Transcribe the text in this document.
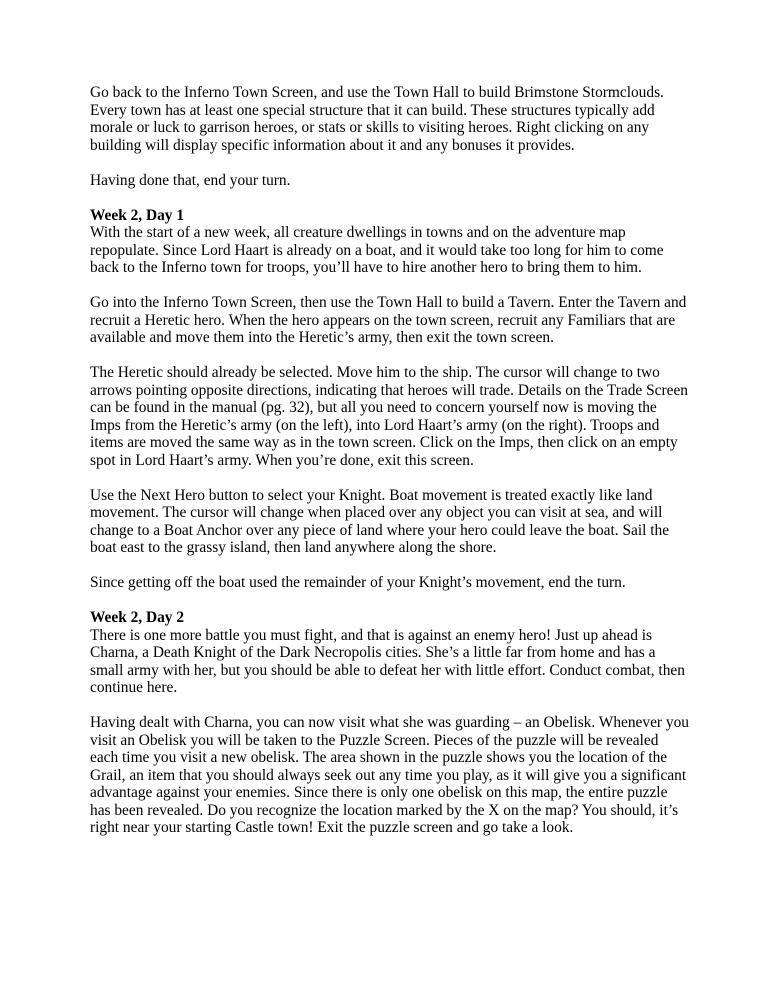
Go back to the Inferno Town Screen, and use the Town Hall to build Brimstone Stormclouds. Every town has at least one special structure that it can build. These structures typically add morale or luck to garrison heroes, or stats or skills to visiting heroes. Right clicking on any building will display specific information about it and any bonuses it provides.

Having done that, end your turn.

Week 2, Day 1

With the start of a new week, all creature dwellings in towns and on the adventure map repopulate. Since Lord Haart is already on a boat, and it would take too long for him to come back to the Inferno town for troops, you’ll have to hire another hero to bring them to him.

Go into the Inferno Town Screen, then use the Town Hall to build a Tavern. Enter the Tavern and recruit a Heretic hero. When the hero appears on the town screen, recruit any Familiars that are available and move them into the Heretic’s army, then exit the town screen.

The Heretic should already be selected. Move him to the ship. The cursor will change to two arrows pointing opposite directions, indicating that heroes will trade. Details on the Trade Screen can be found in the manual (pg. 32), but all you need to concern yourself now is moving the Imps from the Heretic’s army (on the left), into Lord Haart’s army (on the right). Troops and items are moved the same way as in the town screen. Click on the Imps, then click on an empty spot in Lord Haart’s army. When you’re done, exit this screen.

Use the Next Hero button to select your Knight. Boat movement is treated exactly like land movement. The cursor will change when placed over any object you can visit at sea, and will change to a Boat Anchor over any piece of land where your hero could leave the boat. Sail the boat east to the grassy island, then land anywhere along the shore.

Since getting off the boat used the remainder of your Knight’s movement, end the turn.

Week 2, Day 2

There is one more battle you must fight, and that is against an enemy hero! Just up ahead is Charna, a Death Knight of the Dark Necropolis cities. She’s a little far from home and has a small army with her, but you should be able to defeat her with little effort. Conduct combat, then continue here.

Having dealt with Charna, you can now visit what she was guarding – an Obelisk. Whenever you visit an Obelisk you will be taken to the Puzzle Screen. Pieces of the puzzle will be revealed each time you visit a new obelisk. The area shown in the puzzle shows you the location of the Grail, an item that you should always seek out any time you play, as it will give you a significant advantage against your enemies. Since there is only one obelisk on this map, the entire puzzle has been revealed. Do you recognize the location marked by the X on the map? You should, it’s right near your starting Castle town! Exit the puzzle screen and go take a look.
